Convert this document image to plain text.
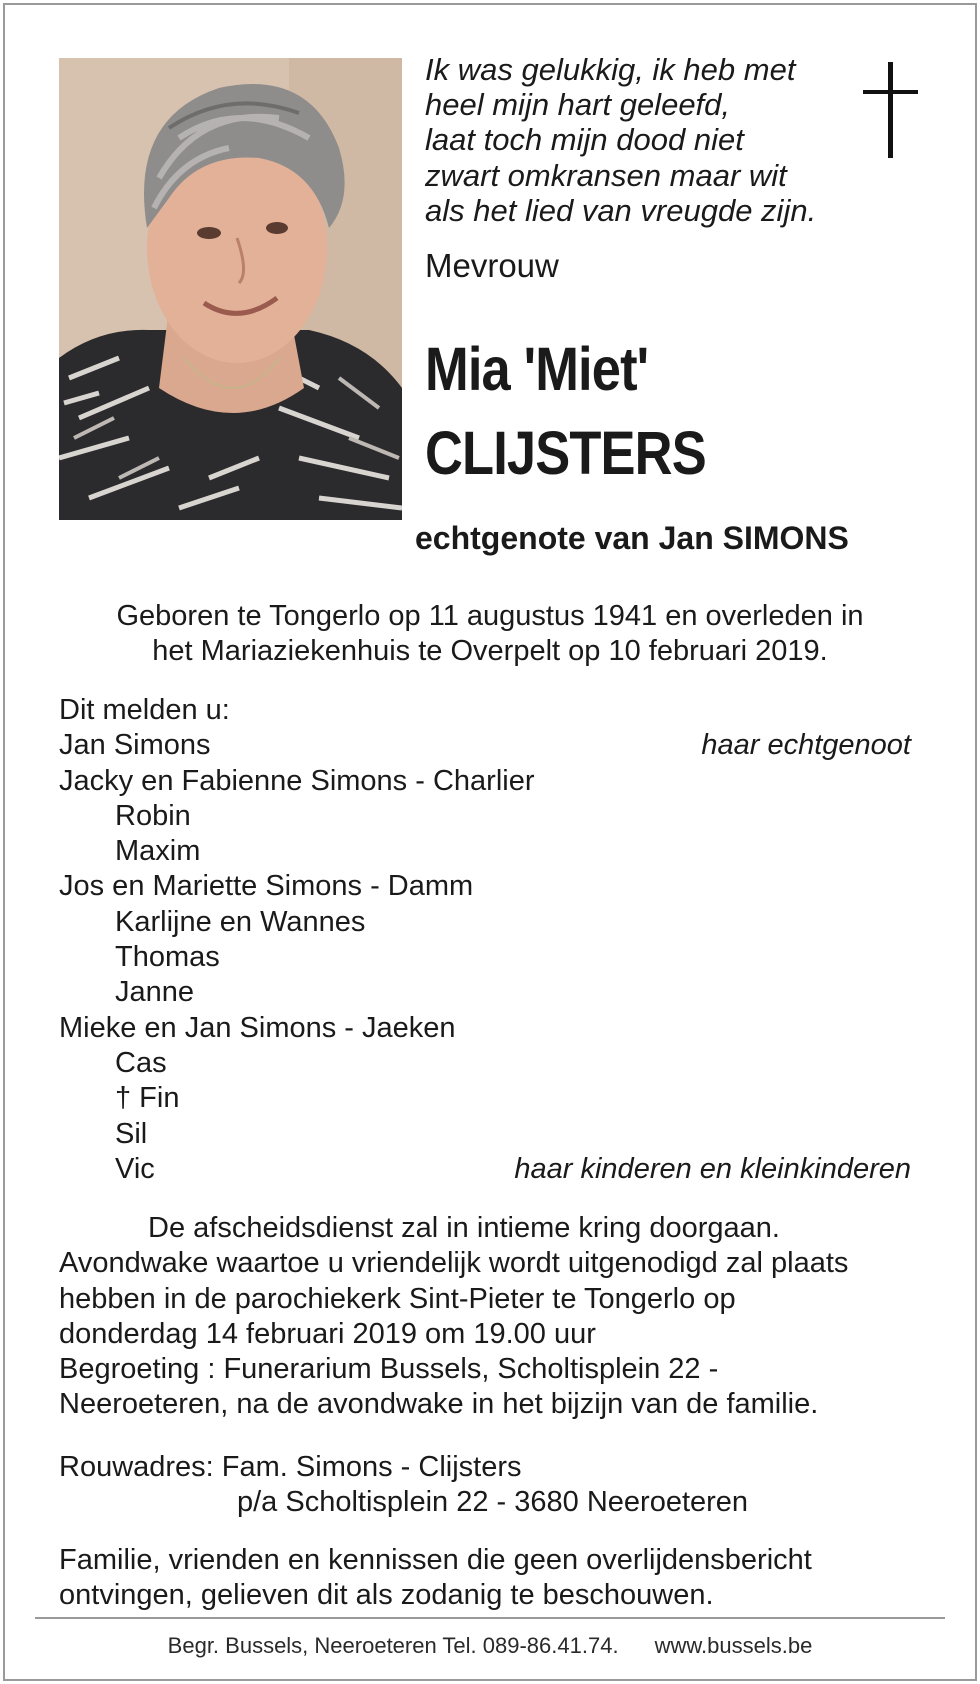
Ik was gelukkig, ik heb met
heel mijn hart geleefd,
laat toch mijn dood niet
zwart omkransen maar wit
als het lied van vreugde zijn.
Mevrouw
Mia 'Miet'
CLIJSTERS
echtgenote van Jan SIMONS
Geboren te Tongerlo op 11 augustus 1941 en overleden in
het Mariaziekenhuis te Overpelt op 10 februari 2019.
Dit melden u:
Jan Simons	haar echtgenoot
Jacky en Fabienne Simons - Charlier
Robin
Maxim
Jos en Mariette Simons - Damm
Karlijne en Wannes
Thomas
Janne
Mieke en Jan Simons - Jaeken
Cas
† Fin
Sil
Vic	haar kinderen en kleinkinderen
De afscheidsdienst zal in intieme kring doorgaan.
Avondwake waartoe u vriendelijk wordt uitgenodigd zal plaats
hebben in de parochiekerk Sint-Pieter te Tongerlo op
donderdag 14 februari 2019 om 19.00 uur
Begroeting : Funerarium Bussels, Scholtisplein 22 -
Neeroeteren, na de avondwake in het bijzijn van de familie.
Rouwadres: Fam. Simons - Clijsters
p/a Scholtisplein 22 - 3680 Neeroeteren
Familie, vrienden en kennissen die geen overlijdensbericht
ontvingen, gelieven dit als zodanig te beschouwen.
Begr. Bussels, Neeroeteren Tel. 089-86.41.74. www.bussels.be
